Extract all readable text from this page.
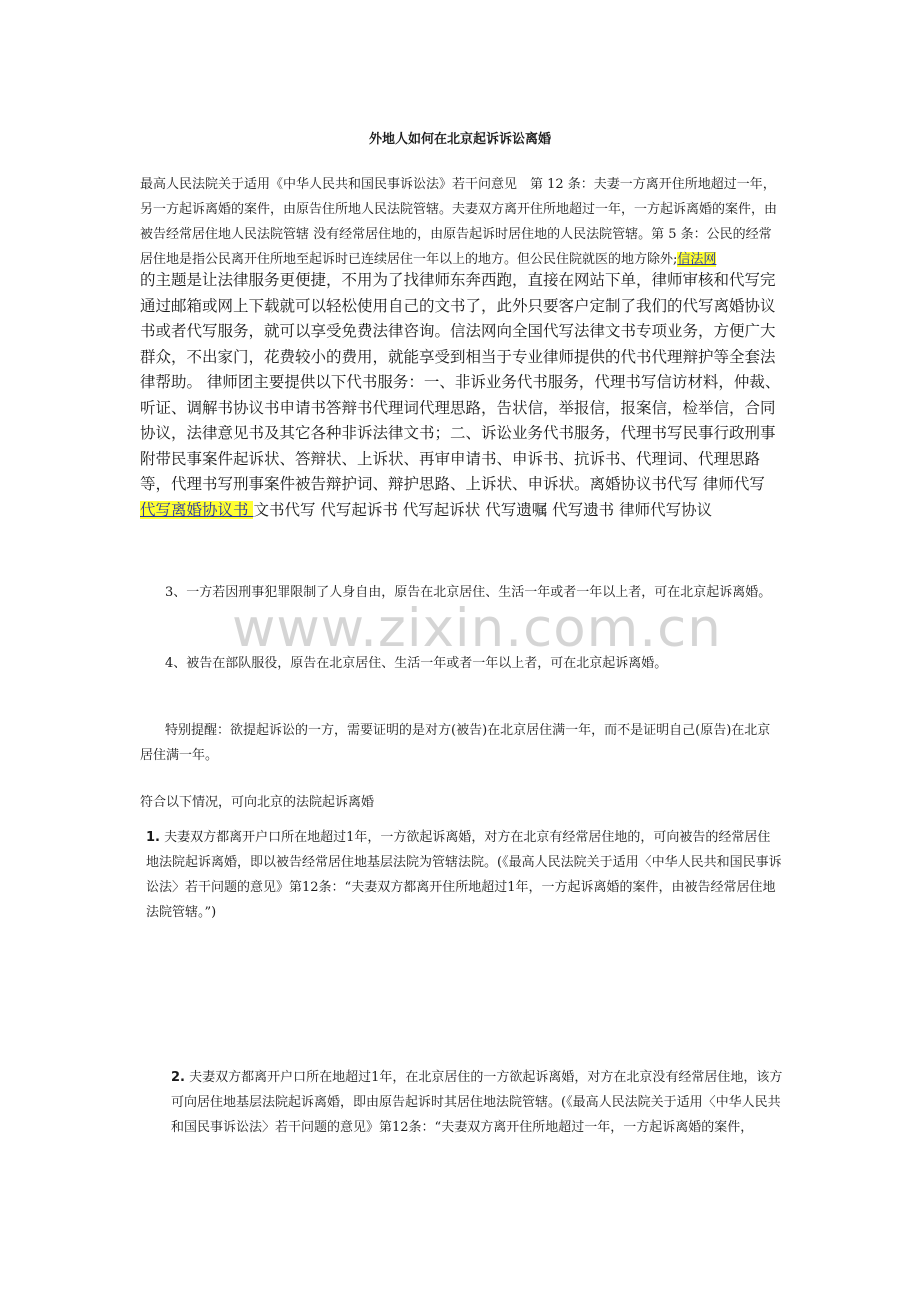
外地人如何在北京起诉诉讼离婚
最高人民法院关于适用《中华人民共和国民事诉讼法》若干问意见　第 12 条：夫妻一方离开住所地超过一年，另一方起诉离婚的案件，由原告住所地人民法院管辖。夫妻双方离开住所地超过一年，一方起诉离婚的案件，由被告经常居住地人民法院管辖 没有经常居住地的，由原告起诉时居住地的人民法院管辖。第 5 条：公民的经常居住地是指公民离开住所地至起诉时已连续居住一年以上的地方。但公民住院就医的地方除外;信法网
的主题是让法律服务更便捷，不用为了找律师东奔西跑，直接在网站下单，律师审核和代写完通过邮箱或网上下载就可以轻松使用自己的文书了，此外只要客户定制了我们的代写离婚协议书或者代写服务，就可以享受免费法律咨询。信法网向全国代写法律文书专项业务，方便广大群众，不出家门，花费较小的费用，就能享受到相当于专业律师提供的代书代理辩护等全套法律帮助。 律师团主要提供以下代书服务：一、非诉业务代书服务，代理书写信访材料，仲裁、听证、调解书协议书申请书答辩书代理词代理思路，告状信，举报信，报案信，检举信，合同协议，法律意见书及其它各种非诉法律文书；二、诉讼业务代书服务，代理书写民事行政刑事附带民事案件起诉状、答辩状、上诉状、再审申请书、申诉书、抗诉书、代理词、代理思路等，代理书写刑事案件被告辩护词、辩护思路、上诉状、申诉状。离婚协议书代写 律师代写 代写离婚协议书 文书代写 代写起诉书 代写起诉状 代写遗嘱 代写遗书 律师代写协议
3、一方若因刑事犯罪限制了人身自由，原告在北京居住、生活一年或者一年以上者，可在北京起诉离婚。
4、被告在部队服役，原告在北京居住、生活一年或者一年以上者，可在北京起诉离婚。
特别提醒：欲提起诉讼的一方，需要证明的是对方(被告)在北京居住满一年，而不是证明自己(原告)在北京居住满一年。
符合以下情况，可向北京的法院起诉离婚
1. 夫妻双方都离开户口所在地超过1年，一方欲起诉离婚，对方在北京有经常居住地的，可向被告的经常居住地法院起诉离婚，即以被告经常居住地基层法院为管辖法院。(《最高人民法院关于适用〈中华人民共和国民事诉讼法〉若干问题的意见》第12条：“夫妻双方都离开住所地超过1年，一方起诉离婚的案件，由被告经常居住地法院管辖。”)
2. 夫妻双方都离开户口所在地超过1年，在北京居住的一方欲起诉离婚，对方在北京没有经常居住地，该方可向居住地基层法院起诉离婚，即由原告起诉时其居住地法院管辖。(《最高人民法院关于适用〈中华人民共和国民事诉讼法〉若干问题的意见》第12条：“夫妻双方离开住所地超过一年，一方起诉离婚的案件，
www.zixin.com.cn
